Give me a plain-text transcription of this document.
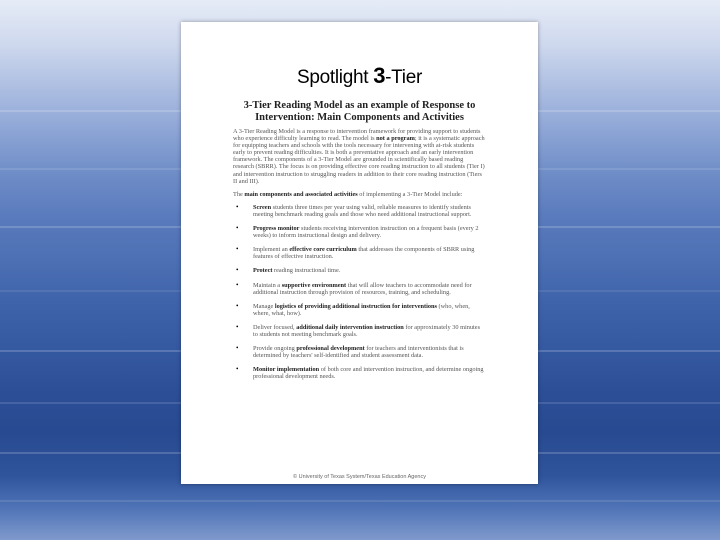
Spotlight 3-Tier
3-Tier Reading Model as an example of Response to Intervention: Main Components and Activities

A 3-Tier Reading Model is a response to intervention framework for providing support to students who experience difficulty learning to read. The model is not a program; it is a systematic approach for equipping teachers and schools with the tools necessary for intervening with at-risk students early to prevent reading difficulties. It is both a preventative approach and an early intervention framework. The components of a 3-Tier Model are grounded in scientifically based reading research (SBRR). The focus is on providing effective core reading instruction to all students (Tier I) and intervention instruction to struggling readers in addition to their core reading instruction (Tiers II and III).

The main components and associated activities of implementing a 3-Tier Model include:

• Screen students three times per year using valid, reliable measures to identify students meeting benchmark reading goals and those who need additional instructional support.
• Progress monitor students receiving intervention instruction on a frequent basis (every 2 weeks) to inform instructional design and delivery.
• Implement an effective core curriculum that addresses the components of SBRR using features of effective instruction.
• Protect reading instructional time.
• Maintain a supportive environment that will allow teachers to accommodate need for additional instruction through provision of resources, training, and scheduling.
• Manage logistics of providing additional instruction for interventions (who, when, where, what, how).
• Deliver focused, additional daily intervention instruction for approximately 30 minutes to students not meeting benchmark goals.
• Provide ongoing professional development for teachers and interventionists that is determined by teachers' self-identified and student assessment data.
• Monitor implementation of both core and intervention instruction, and determine ongoing professional development needs.
© University of Texas System/Texas Education Agency
